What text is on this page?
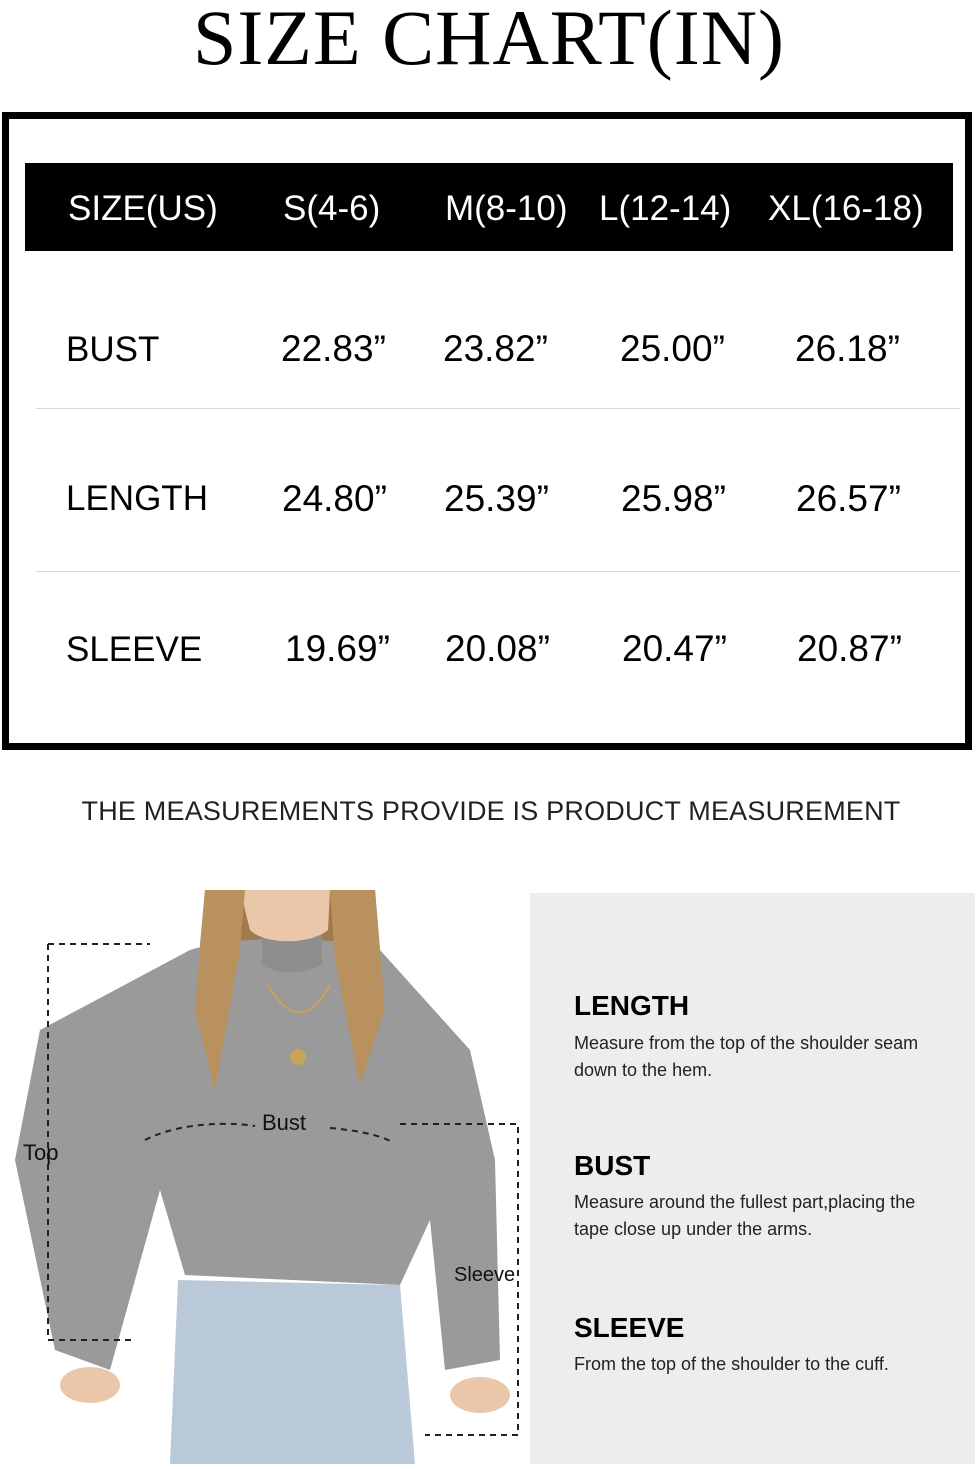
SIZE CHART(IN)
SIZE(US) S(4-6) M(8-10) L(12-14) XL(16-18)
BUST	22.83” 23.82” 25.00” 26.18”
LENGTH 24.80” 25.39” 25.98” 26.57”
SLEEVE 19.69” 20.08” 20.47” 20.87”
THE MEASUREMENTS PROVIDE IS PRODUCT MEASUREMENT
Bust
Top
Sleeve
LENGTH
Measure from the top of the shoulder seam down to the hem.
BUST
Measure around the fullest part,placing the tape close up under the arms.
SLEEVE
From the top of the shoulder to the cuff.
